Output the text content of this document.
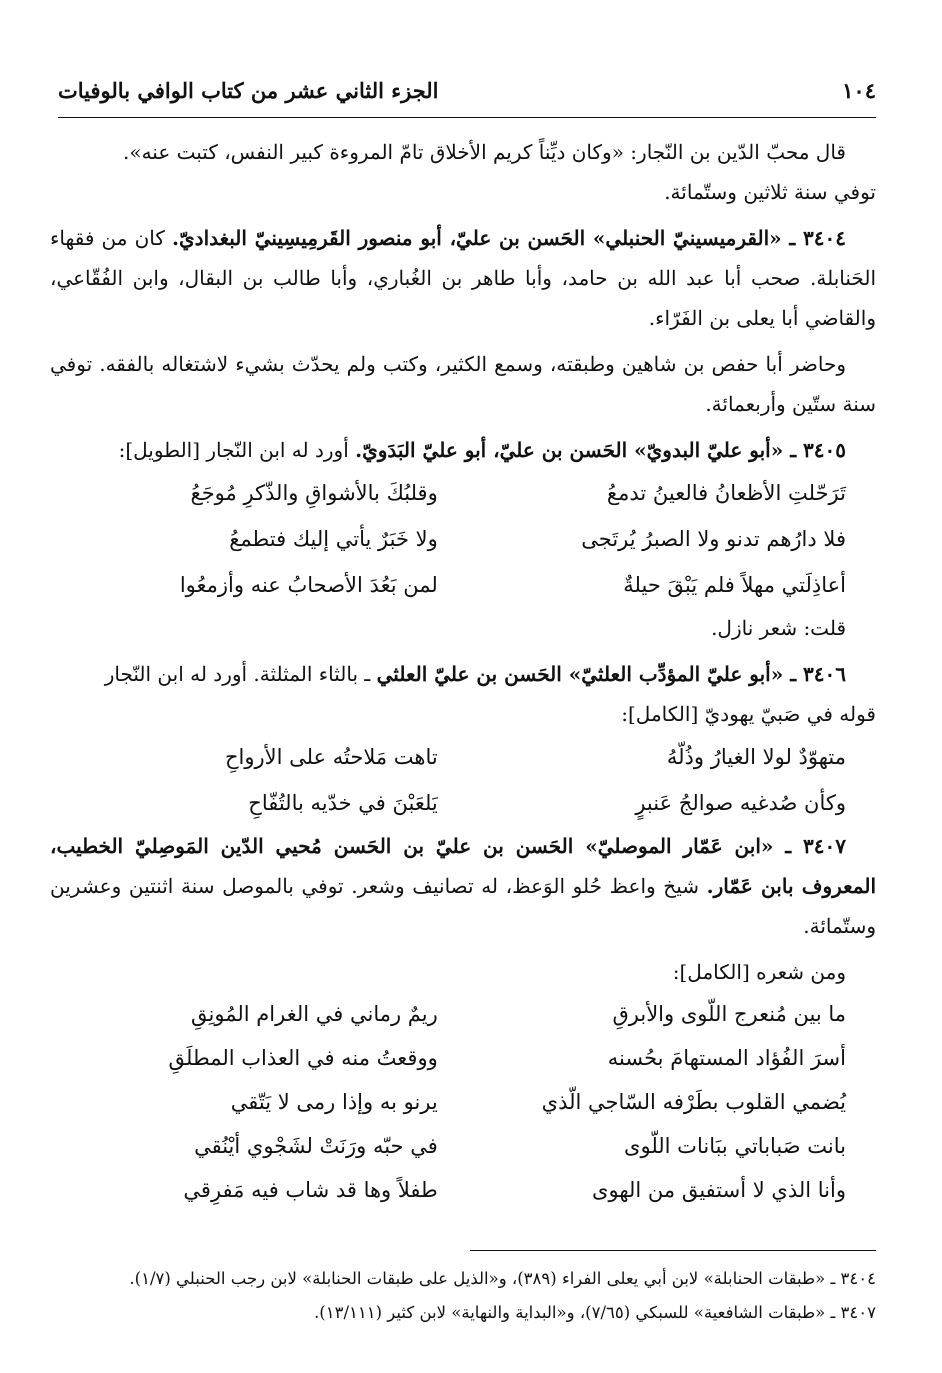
١٠٤
الجزء الثاني عشر من كتاب الوافي بالوفيات

قال محبّ الدّين بن النّجار: «وكان ديِّناً كريم الأخلاق تامّ المروءة كبير النفس، كتبت عنه».

توفي سنة ثلاثين وستّمائة.

٣٤٠٤ ـ «القرميسينيّ الحنبلي» الحَسن بن عليّ، أبو منصور القَرمِيسِينيّ البغداديّ. كان من فقهاء الحَنابلة. صحب أبا عبد الله بن حامد، وأبا طاهر بن الغُباري، وأبا طالب بن البقال، وابن الفُقّاعي، والقاضي أبا يعلى بن الفَرّاء.

وحاضر أبا حفص بن شاهين وطبقته، وسمع الكثير، وكتب ولم يحدّث بشيء لاشتغاله بالفقه. توفي سنة ستّين وأربعمائة.

٣٤٠٥ ـ «أبو عليّ البدويّ» الحَسن بن عليّ، أبو عليّ البَدَويّ. أورد له ابن النّجار [الطويل]:

تَرَحّلتِ الأظعانُ فالعينُ تدمعُ
وقلبُكَ بالأشواقِ والذّكرِ مُوجَعُ
فلا دارُهم تدنو ولا الصبرُ يُرتَجى
ولا خَبَرٌ يأتي إليك فتطمعُ
أعاذِلَتي مهلاً فلم يَبْقَ حيلةٌ
لمن بَعُدَ الأصحابُ عنه وأزمعُوا

قلت: شعر نازل.

٣٤٠٦ ـ «أبو عليّ المؤدِّب العلثيّ» الحَسن بن عليّ العلثي ـ بالثاء المثلثة. أورد له ابن النّجار

قوله في صَبيّ يهوديّ [الكامل]:

متهوّدٌ لولا الغيارُ وذُلّهُ
تاهت مَلاحتُه على الأرواحِ
وكأن صُدغيه صوالجُ عَنبرٍ
يَلعَبْنَ في خدّيه بالتُفّاحِ

٣٤٠٧ ـ «ابن عَمّار الموصليّ» الحَسن بن عليّ بن الحَسن مُحيي الدّين المَوصِليّ الخطيب، المعروف بابن عَمّار. شيخ واعظ حُلو الوَعظ، له تصانيف وشعر. توفي بالموصل سنة اثنتين وعشرين وستّمائة.

ومن شعره [الكامل]:

ما بين مُنعرج اللّوى والأبرقِ
ريمٌ رماني في الغرام المُونِقِ
أسرَ الفُؤاد المستهامَ بحُسنه
ووقعتُ منه في العذاب المطلَقِ
يُضمي القلوب بطَرْفه السّاجي الّذي
يرنو به وإذا رمى لا يَتّقي
بانت صَباباتي ببَانات اللّوى
في حبّه ورَنَتْ لشَجْوي أيْنُقي
وأنا الذي لا أستفيق من الهوى
طفلاً وها قد شاب فيه مَفرِقي

٣٤٠٤ ـ «طبقات الحنابلة» لابن أبي يعلى الفراء (٣٨٩)، و«الذيل على طبقات الحنابلة» لابن رجب الحنبلي (١/٧).

٣٤٠٧ ـ «طبقات الشافعية» للسبكي (٧/٦٥)، و«البداية والنهاية» لابن كثير (١٣/١١١).
